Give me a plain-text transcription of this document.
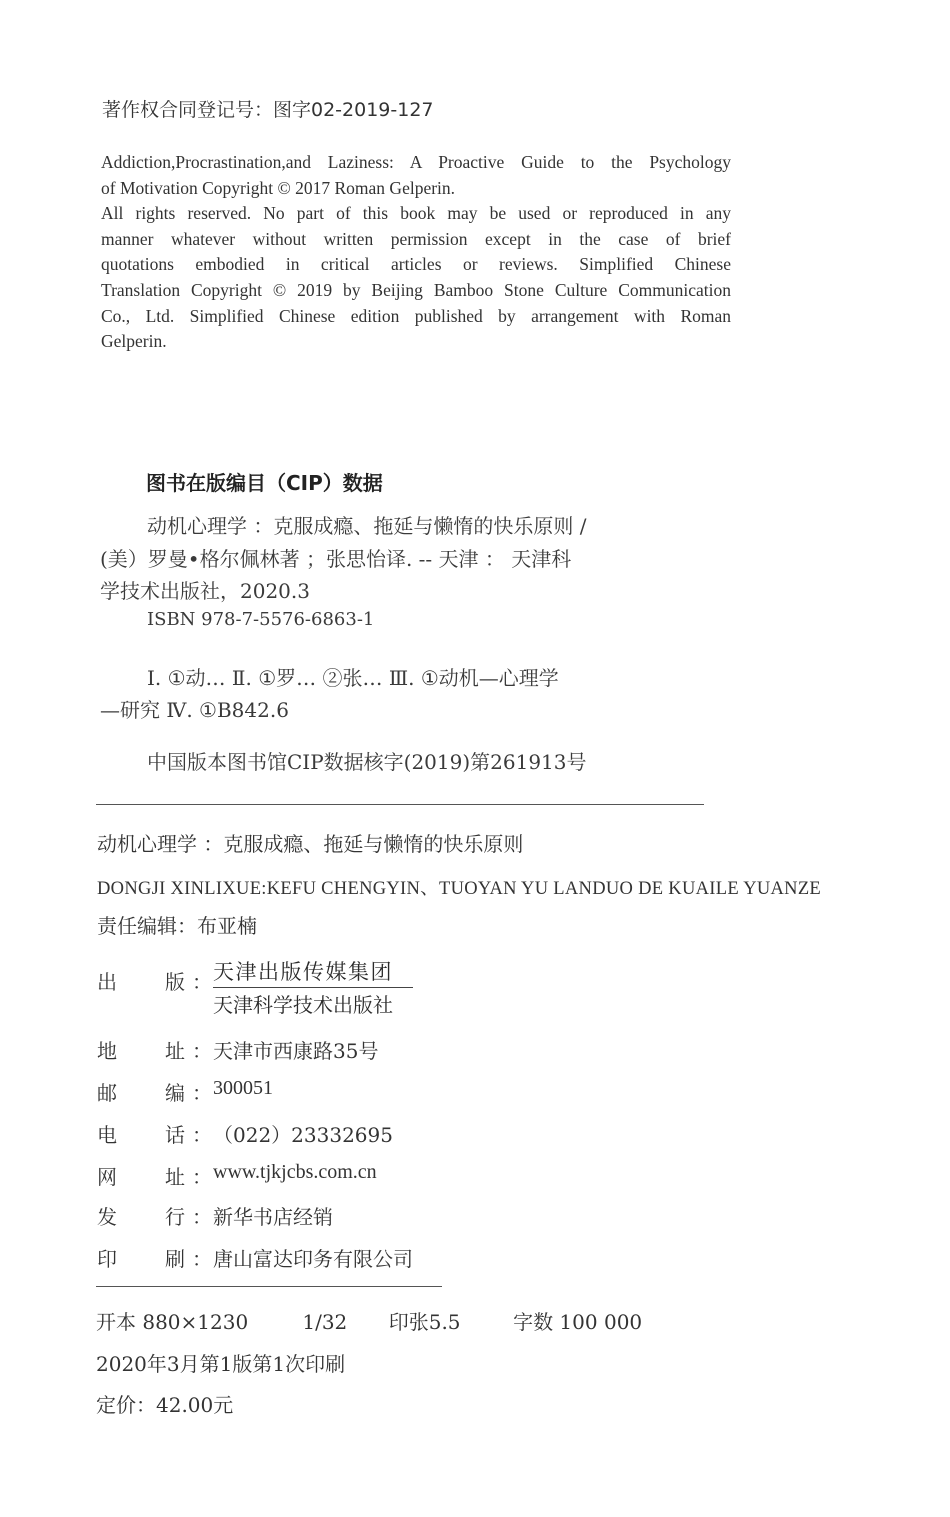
著作权合同登记号：图字02-2019-127
Addiction,Procrastination,and Laziness: A Proactive Guide to the Psychology
of Motivation Copyright © 2017 Roman Gelperin.
All rights reserved. No part of this book may be used or reproduced in any
manner whatever without written permission except in the case of brief
quotations embodied in critical articles or reviews. Simplified Chinese
Translation Copyright © 2019 by Beijing Bamboo Stone Culture Communication
Co., Ltd. Simplified Chinese edition published by arrangement with Roman
Gelperin.
图书在版编目（CIP）数据
动机心理学 ：克服成瘾、拖延与懒惰的快乐原则 /
(美）罗曼•格尔佩林著 ；张思怡译. -- 天津 ： 天津科
学技术出版社，2020.3
ISBN 978-7-5576-6863-1
Ⅰ. ①动… Ⅱ. ①罗… ②张… Ⅲ. ①动机—心理学
—研究 Ⅳ. ①B842.6
中国版本图书馆CIP数据核字(2019)第261913号
动机心理学 ：克服成瘾、拖延与懒惰的快乐原则
DONGJI XINLIXUE:KEFU CHENGYIN、TUOYAN YU LANDUO DE KUAILE YUANZE
责任编辑：布亚楠
出 版 ： 天津出版传媒集团
天津科学技术出版社
地 址 ： 天津市西康路35号
邮 编 ： 300051
电 话 ： （022）23332695
网 址 ： www.tjkjcbs.com.cn
发 行 ： 新华书店经销
印 刷 ： 唐山富达印务有限公司
开本 880×1230	1/32 印张5.5	字数 100 000
2020年3月第1版第1次印刷
定价：42.00元
